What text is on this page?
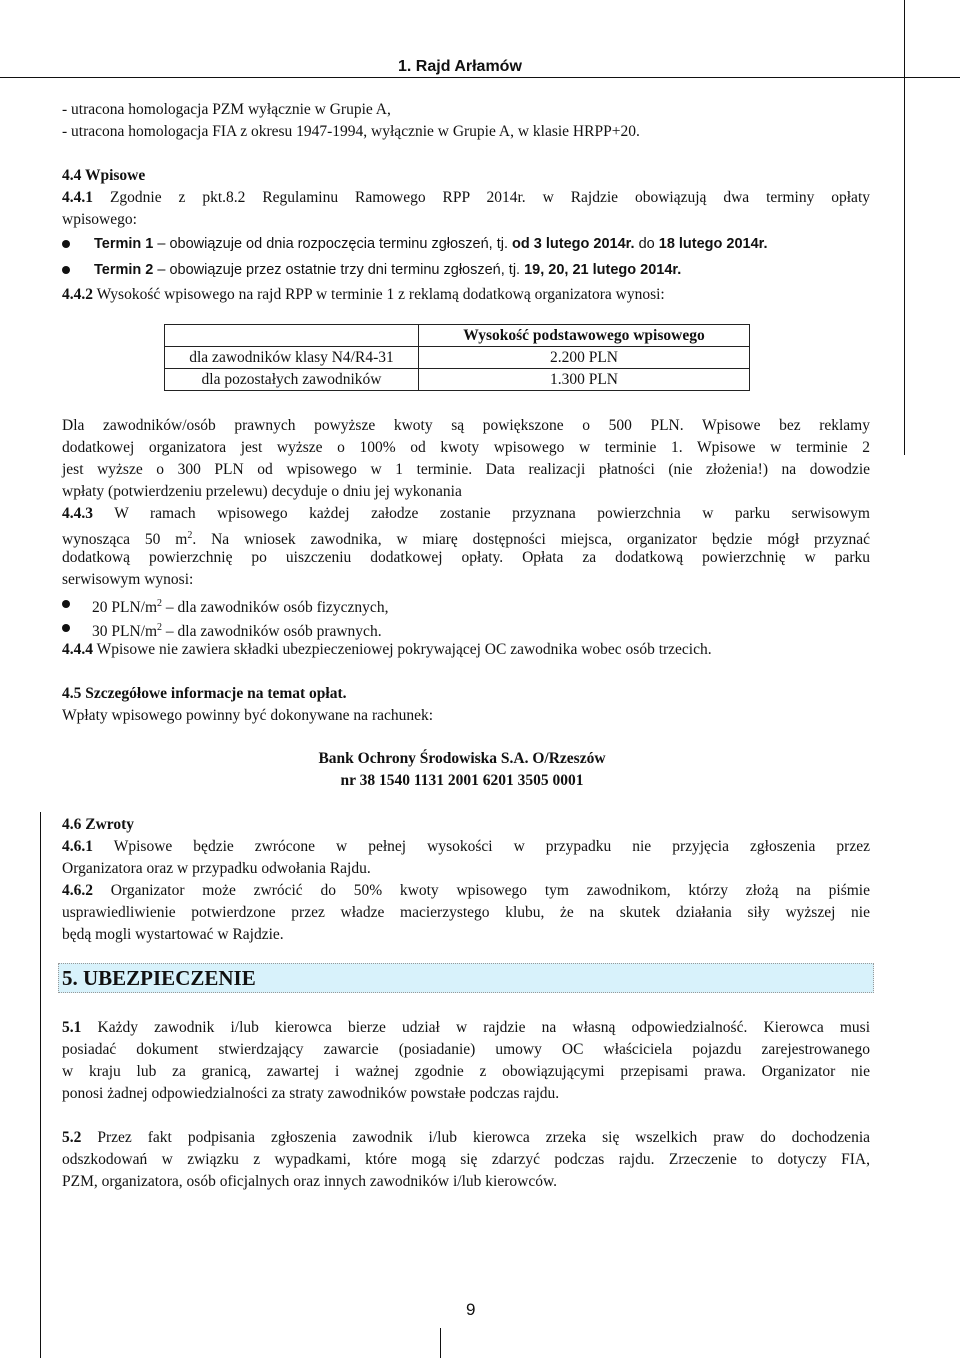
1. Rajd Arłamów
- utracona homologacja PZM wyłącznie w Grupie A,
- utracona homologacja FIA z okresu 1947-1994, wyłącznie w Grupie A, w klasie HRPP+20.
4.4 Wpisowe
4.4.1 Zgodnie z pkt.8.2 Regulaminu Ramowego RPP 2014r. w Rajdzie obowiązują dwa terminy opłaty
wpisowego:
Termin 1 – obowiązuje od dnia rozpoczęcia terminu zgłoszeń, tj. od 3 lutego 2014r. do 18 lutego 2014r.
Termin 2 – obowiązuje przez ostatnie trzy dni terminu zgłoszeń, tj. 19, 20, 21 lutego 2014r.
4.4.2 Wysokość wpisowego na rajd RPP w terminie 1 z reklamą dodatkową organizatora wynosi:
	Wysokość podstawowego wpisowego
dla zawodników klasy N4/R4-31	2.200 PLN
dla pozostałych zawodników	1.300 PLN
Dla zawodników/osób prawnych powyższe kwoty są powiększone o 500 PLN. Wpisowe bez reklamy
dodatkowej organizatora jest wyższe o 100% od kwoty wpisowego w terminie 1. Wpisowe w terminie 2
jest wyższe o 300 PLN od wpisowego w 1 terminie. Data realizacji płatności (nie złożenia!) na dowodzie
wpłaty (potwierdzeniu przelewu) decyduje o dniu jej wykonania
4.4.3 W ramach wpisowego każdej załodze zostanie przyznana powierzchnia w parku serwisowym
wynosząca 50 $m^2$. Na wniosek zawodnika, w miarę dostępności miejsca, organizator będzie mógł przyznać
dodatkową powierzchnię po uiszczeniu dodatkowej opłaty. Opłata za dodatkową powierzchnię w parku
serwisowym wynosi:
20 PLN/$m^2$ – dla zawodników osób fizycznych,
30 PLN/$m^2$ – dla zawodników osób prawnych.
4.4.4 Wpisowe nie zawiera składki ubezpieczeniowej pokrywającej OC zawodnika wobec osób trzecich.
4.5 Szczegółowe informacje na temat opłat.
Wpłaty wpisowego powinny być dokonywane na rachunek:
Bank Ochrony Środowiska S.A. O/Rzeszów
nr 38 1540 1131 2001 6201 3505 0001
4.6 Zwroty
4.6.1 Wpisowe będzie zwrócone w pełnej wysokości w przypadku nie przyjęcia zgłoszenia przez
Organizatora oraz w przypadku odwołania Rajdu.
4.6.2 Organizator może zwrócić do 50% kwoty wpisowego tym zawodnikom, którzy złożą na piśmie
usprawiedliwienie potwierdzone przez władze macierzystego klubu, że na skutek działania siły wyższej nie
będą mogli wystartować w Rajdzie.
5. UBEZPIECZENIE
5.1 Każdy zawodnik i/lub kierowca bierze udział w rajdzie na własną odpowiedzialność. Kierowca musi
posiadać dokument stwierdzający zawarcie (posiadanie) umowy OC właściciela pojazdu zarejestrowanego
w kraju lub za granicą, zawartej i ważnej zgodnie z obowiązującymi przepisami prawa. Organizator nie
ponosi żadnej odpowiedzialności za straty zawodników powstałe podczas rajdu.
5.2 Przez fakt podpisania zgłoszenia zawodnik i/lub kierowca zrzeka się wszelkich praw do dochodzenia
odszkodowań w związku z wypadkami, które mogą się zdarzyć podczas rajdu. Zrzeczenie to dotyczy FIA,
PZM, organizatora, osób oficjalnych oraz innych zawodników i/lub kierowców.
9
